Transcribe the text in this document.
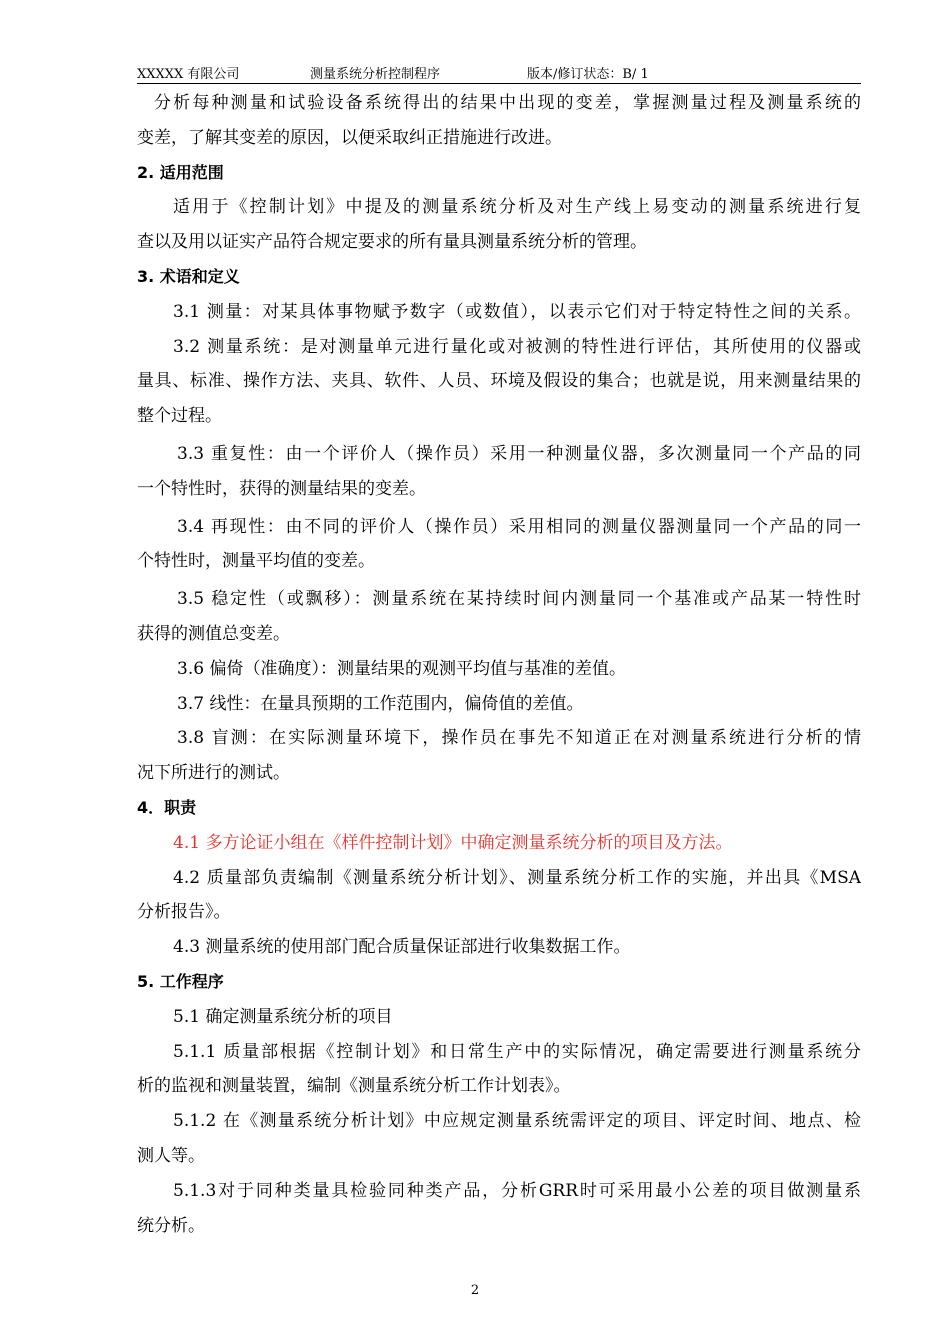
XXXXX 有限公司	测量系统分析控制程序	版本/修订状态：B/ 1
分析每种测量和试验设备系统得出的结果中出现的变差，掌握测量过程及测量系统的
变差，了解其变差的原因，以便采取纠正措施进行改进。
2. 适用范围
适用于《控制计划》中提及的测量系统分析及对生产线上易变动的测量系统进行复
查以及用以证实产品符合规定要求的所有量具测量系统分析的管理。
3. 术语和定义
3.1 测量：对某具体事物赋予数字（或数值），以表示它们对于特定特性之间的关系。
3.2 测量系统：是对测量单元进行量化或对被测的特性进行评估，其所使用的仪器或
量具、标准、操作方法、夹具、软件、人员、环境及假设的集合；也就是说，用来测量结果的
整个过程。
3.3 重复性：由一个评价人（操作员）采用一种测量仪器，多次测量同一个产品的同
一个特性时，获得的测量结果的变差。
3.4 再现性：由不同的评价人（操作员）采用相同的测量仪器测量同一个产品的同一
个特性时，测量平均值的变差。
3.5 稳定性（或飘移）：测量系统在某持续时间内测量同一个基准或产品某一特性时
获得的测值总变差。
3.6 偏倚（准确度）：测量结果的观测平均值与基准的差值。
3.7 线性：在量具预期的工作范围内，偏倚值的差值。
3.8 盲测：在实际测量环境下，操作员在事先不知道正在对测量系统进行分析的情
况下所进行的测试。
4．职责
4.1 多方论证小组在《样件控制计划》中确定测量系统分析的项目及方法。
4.2 质量部负责编制《测量系统分析计划》、测量系统分析工作的实施，并出具《MSA
分析报告》。
4.3 测量系统的使用部门配合质量保证部进行收集数据工作。
5. 工作程序
5.1 确定测量系统分析的项目
5.1.1 质量部根据《控制计划》和日常生产中的实际情况，确定需要进行测量系统分
析的监视和测量装置，编制《测量系统分析工作计划表》。
5.1.2 在《测量系统分析计划》中应规定测量系统需评定的项目、评定时间、地点、检
测人等。
5.1.3对于同种类量具检验同种类产品，分析GRR时可采用最小公差的项目做测量系
统分析。
2
